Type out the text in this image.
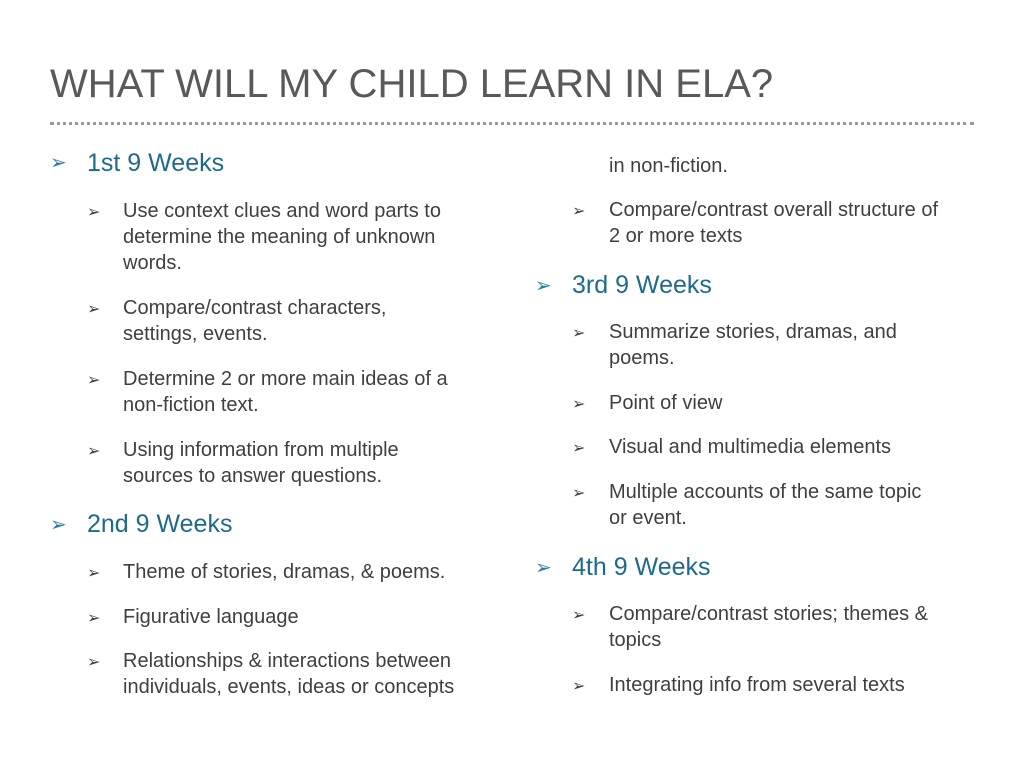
WHAT WILL MY CHILD LEARN IN ELA?
➢ 1st 9 Weeks
➢ Use context clues and word parts to
determine the meaning of unknown
words.
➢ Compare/contrast characters,
settings, events.
➢ Determine 2 or more main ideas of a
non-fiction text.
➢ Using information from multiple
sources to answer questions.
➢ 2nd 9 Weeks
➢ Theme of stories, dramas, & poems.
➢ Figurative language
➢ Relationships & interactions between
individuals, events, ideas or concepts
in non-fiction.
➢ Compare/contrast overall structure of
2 or more texts
➢ 3rd 9 Weeks
➢ Summarize stories, dramas, and
poems.
➢ Point of view
➢ Visual and multimedia elements
➢ Multiple accounts of the same topic
or event.
➢ 4th 9 Weeks
➢ Compare/contrast stories; themes &
topics
➢ Integrating info from several texts
